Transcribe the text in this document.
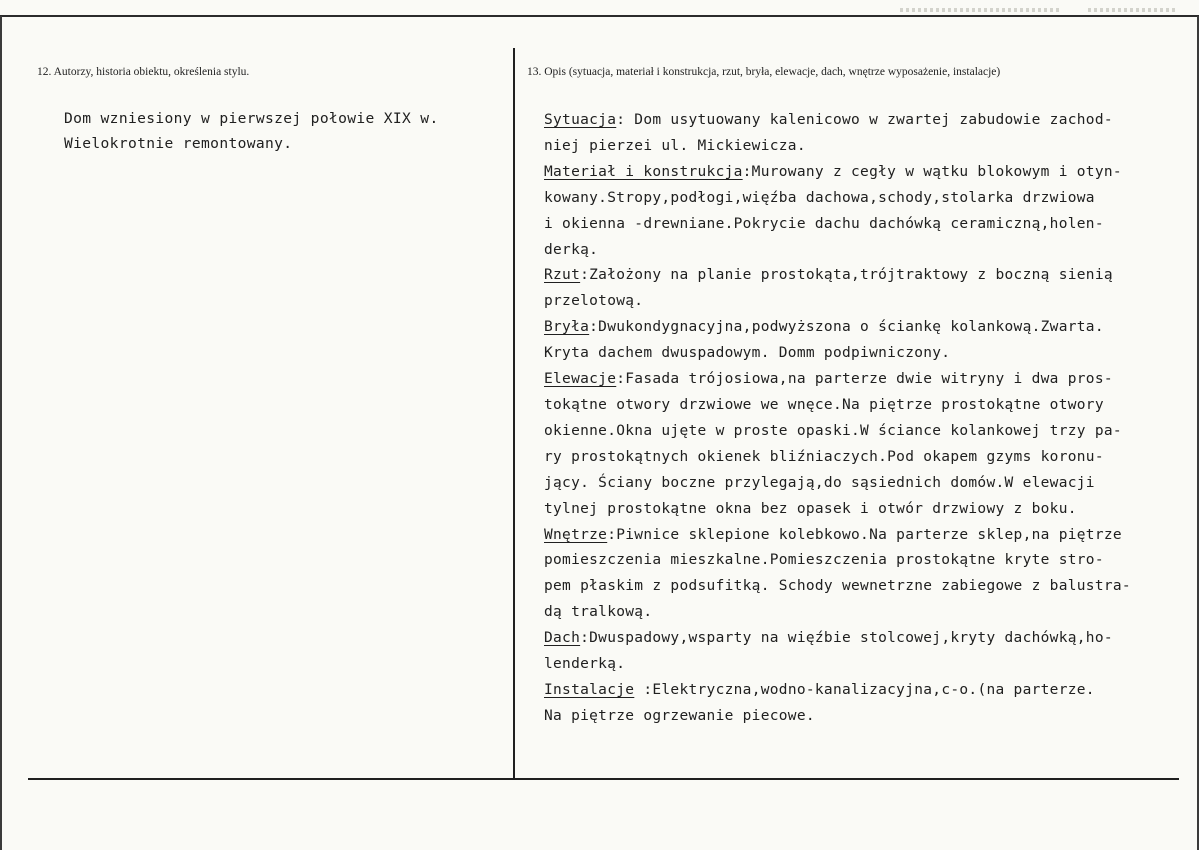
12. Autorzy, historia obiektu, określenia stylu.	13. Opis (sytuacja, materiał i konstrukcja, rzut, bryła, elewacje, dach, wnętrze wyposażenie, instalacje)
Dom wzniesiony w pierwszej połowie XIX w.
Wielokrotnie remontowany.
Sytuacja: Dom usytuowany kalenicowo w zwartej zabudowie zachod-
niej pierzei ul. Mickiewicza.
Materiał i konstrukcja:Murowany z cegły w wątku blokowym i otyn-
kowany.Stropy,podłogi,więźba dachowa,schody,stolarka drzwiowa
i okienna -drewniane.Pokrycie dachu dachówką ceramiczną,holen-
derką.
Rzut:Założony na planie prostokąta,trójtraktowy z boczną sienią
przelotową.
Bryła:Dwukondygnacyjna,podwyższona o ściankę kolankową.Zwarta.
Kryta dachem dwuspadowym. Domm podpiwniczony.
Elewacje:Fasada trójosiowa,na parterze dwie witryny i dwa pros-
tokątne otwory drzwiowe we wnęce.Na piętrze prostokątne otwory
okienne.Okna ujęte w proste opaski.W ściance kolankowej trzy pa-
ry prostokątnych okienek bliźniaczych.Pod okapem gzyms koronu-
jący. Ściany boczne przylegają,do sąsiednich domów.W elewacji
tylnej prostokątne okna bez opasek i otwór drzwiowy z boku.
Wnętrze:Piwnice sklepione kolebkowo.Na parterze sklep,na piętrze
pomieszczenia mieszkalne.Pomieszczenia prostokątne kryte stro-
pem płaskim z podsufitką. Schody wewnetrzne zabiegowe z balustra-
dą tralkową.
Dach:Dwuspadowy,wsparty na więźbie stolcowej,kryty dachówką,ho-
lenderką.
Instalacje :Elektryczna,wodno-kanalizacyjna,c-o.(na parterze.
Na piętrze ogrzewanie piecowe.
